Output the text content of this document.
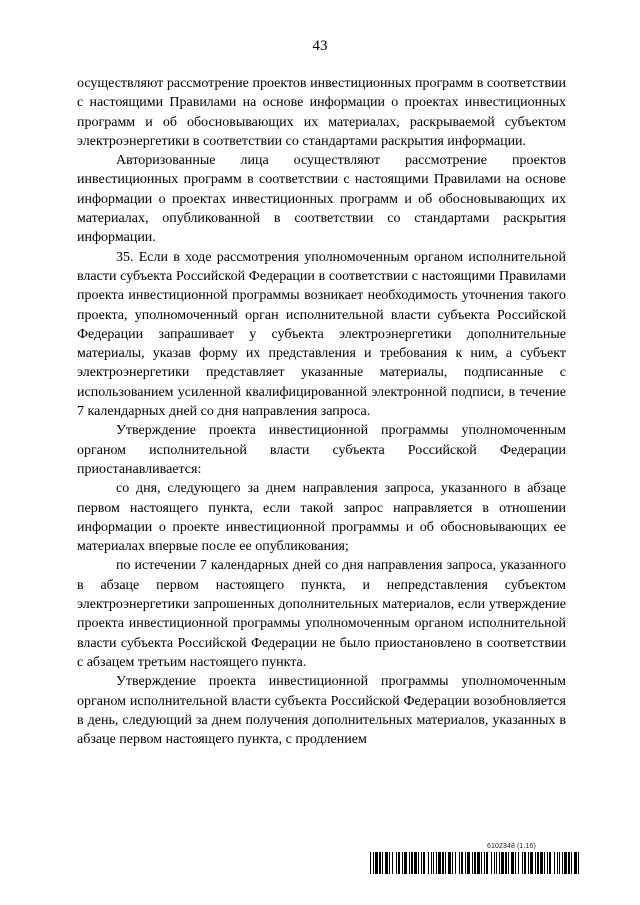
43

осуществляют рассмотрение проектов инвестиционных программ в соответствии с настоящими Правилами на основе информации о проектах инвестиционных программ и об обосновывающих их материалах, раскрываемой субъектом электроэнергетики в соответствии со стандартами раскрытия информации.

Авторизованные лица осуществляют рассмотрение проектов инвестиционных программ в соответствии с настоящими Правилами на основе информации о проектах инвестиционных программ и об обосновывающих их материалах, опубликованной в соответствии со стандартами раскрытия информации.

35. Если в ходе рассмотрения уполномоченным органом исполнительной власти субъекта Российской Федерации в соответствии с настоящими Правилами проекта инвестиционной программы возникает необходимость уточнения такого проекта, уполномоченный орган исполнительной власти субъекта Российской Федерации запрашивает у субъекта электроэнергетики дополнительные материалы, указав форму их представления и требования к ним, а субъект электроэнергетики представляет указанные материалы, подписанные с использованием усиленной квалифицированной электронной подписи, в течение 7 календарных дней со дня направления запроса.

Утверждение проекта инвестиционной программы уполномоченным органом исполнительной власти субъекта Российской Федерации приостанавливается:

со дня, следующего за днем направления запроса, указанного в абзаце первом настоящего пункта, если такой запрос направляется в отношении информации о проекте инвестиционной программы и об обосновывающих ее материалах впервые после ее опубликования;

по истечении 7 календарных дней со дня направления запроса, указанного в абзаце первом настоящего пункта, и непредставления субъектом электроэнергетики запрошенных дополнительных материалов, если утверждение проекта инвестиционной программы уполномоченным органом исполнительной власти субъекта Российской Федерации не было приостановлено в соответствии с абзацем третьим настоящего пункта.

Утверждение проекта инвестиционной программы уполномоченным органом исполнительной власти субъекта Российской Федерации возобновляется в день, следующий за днем получения дополнительных материалов, указанных в абзаце первом настоящего пункта, с продлением

6102348 (1.16)
